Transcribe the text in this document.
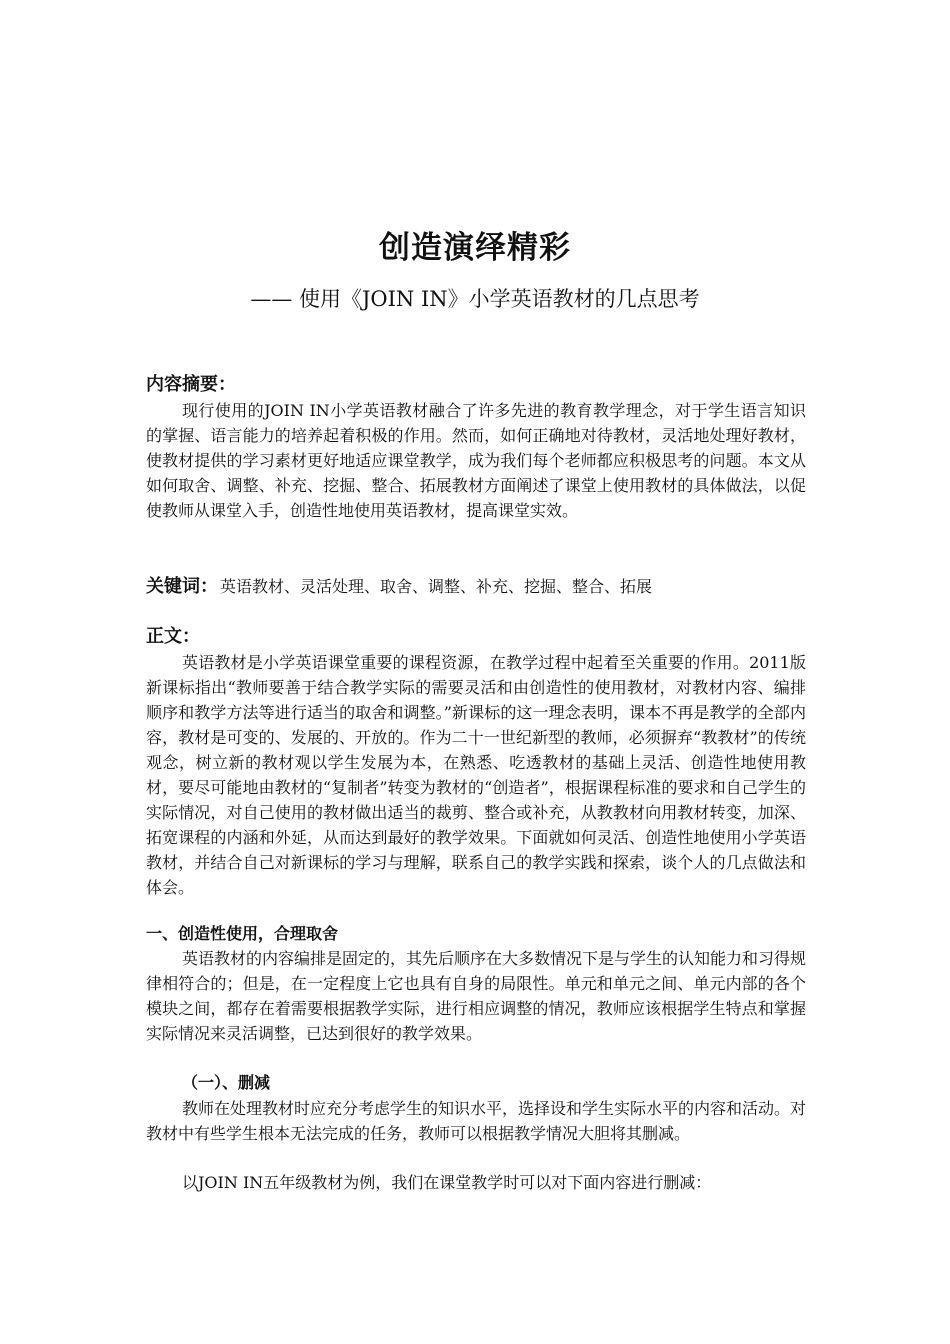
创造演绎精彩
—— 使用《JOIN IN》小学英语教材的几点思考
内容摘要：

现行使用的JOIN IN小学英语教材融合了许多先进的教育教学理念，对于学生语言知识的掌握、语言能力的培养起着积极的作用。然而，如何正确地对待教材，灵活地处理好教材，使教材提供的学习素材更好地适应课堂教学，成为我们每个老师都应积极思考的问题。本文从如何取舍、调整、补充、挖掘、整合、拓展教材方面阐述了课堂上使用教材的具体做法，以促使教师从课堂入手，创造性地使用英语教材，提高课堂实效。

关键词： 英语教材、灵活处理、取舍、调整、补充、挖掘、整合、拓展
正文：

英语教材是小学英语课堂重要的课程资源，在教学过程中起着至关重要的作用。2011版新课标指出“教师要善于结合教学实际的需要灵活和由创造性的使用教材，对教材内容、编排顺序和教学方法等进行适当的取舍和调整。”新课标的这一理念表明，课本不再是教学的全部内容，教材是可变的、发展的、开放的。作为二十一世纪新型的教师，必须摒弃“教教材”的传统观念，树立新的教材观以学生发展为本，在熟悉、吃透教材的基础上灵活、创造性地使用教材，要尽可能地由教材的“复制者”转变为教材的“创造者”，根据课程标准的要求和自己学生的实际情况，对自己使用的教材做出适当的裁剪、整合或补充，从教教材向用教材转变，加深、拓宽课程的内涵和外延，从而达到最好的教学效果。下面就如何灵活、创造性地使用小学英语教材，并结合自己对新课标的学习与理解，联系自己的教学实践和探索，谈个人的几点做法和体会。

一、创造性使用，合理取舍

英语教材的内容编排是固定的，其先后顺序在大多数情况下是与学生的认知能力和习得规律相符合的；但是，在一定程度上它也具有自身的局限性。单元和单元之间、单元内部的各个模块之间，都存在着需要根据教学实际，进行相应调整的情况，教师应该根据学生特点和掌握实际情况来灵活调整，已达到很好的教学效果。

（一）、删减

教师在处理教材时应充分考虑学生的知识水平，选择设和学生实际水平的内容和活动。对教材中有些学生根本无法完成的任务，教师可以根据教学情况大胆将其删减。

以JOIN IN五年级教材为例，我们在课堂教学时可以对下面内容进行删减：
